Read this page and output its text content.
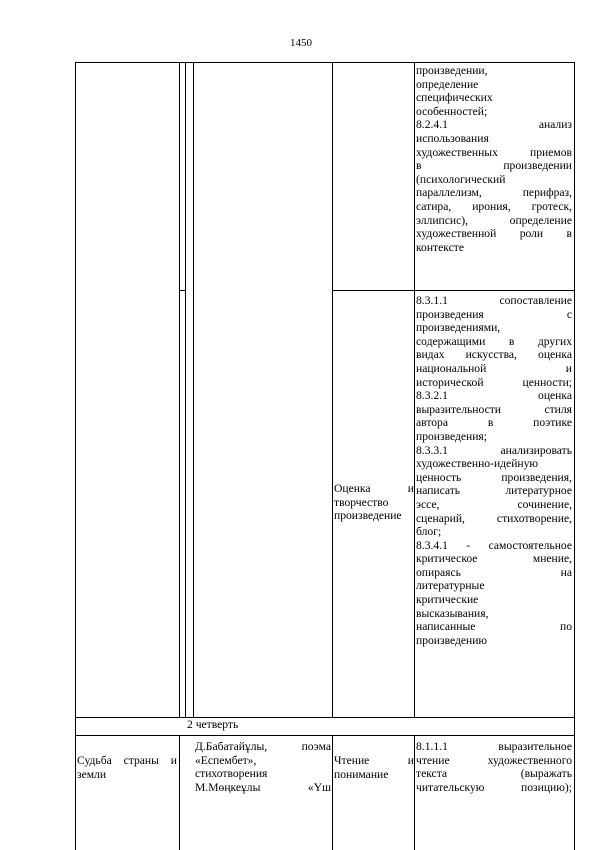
1450
произведении,
определение
специфических
особенностей;
8.2.4.1 анализ
использования
художественных приемов
в произведении
(психологический
параллелизм, перифраз,
сатира, ирония, гротеск,
эллипсис), определение
художественной роли в
контексте
Оценка и
творчество
произведение
8.3.1.1 сопоставление
произведения с
произведениями,
содержащими в других
видах искусства, оценка
национальной и
исторической ценности;
8.3.2.1 оценка
выразительности стиля
автора в поэтике
произведения;
8.3.3.1 анализировать
художественно-идейную
ценность произведения,
написать литературное
эссе, сочинение,
сценарий, стихотворение,
блог;
8.3.4.1 - самостоятельное
критическое мнение,
опираясь на
литературные
критические
высказывания,
написанные по
произведению
2 четверть
Судьба страны и
земли
Д.Бабатайұлы, поэма
«Еспембет»,
стихотворения
М.Мөңкеұлы «Үш
Чтение и
понимание
8.1.1.1 выразительное
чтение художественного
текста (выражать
читательскую позицию);
